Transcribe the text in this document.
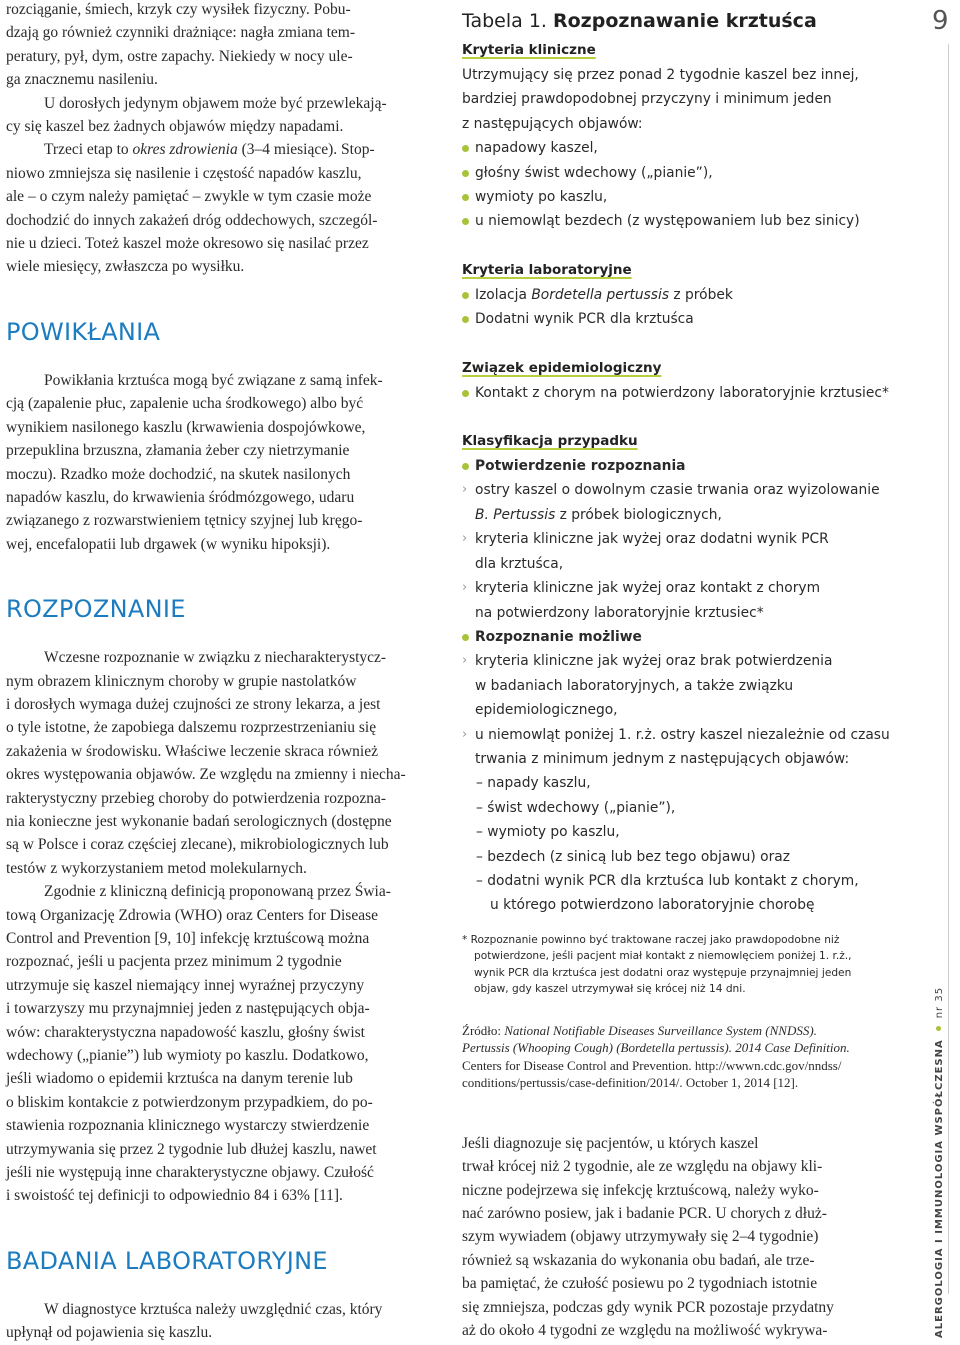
rozciąganie, śmiech, krzyk czy wysiłek fizyczny. Pobu-

dzają go również czynniki drażniące: nagła zmiana tem-

peratury, pył, dym, ostre zapachy. Niekiedy w nocy ule-

ga znacznemu nasileniu.

U dorosłych jedynym objawem może być przewlekają-

cy się kaszel bez żadnych objawów między napadami.

Trzeci etap to okres zdrowienia (3–4 miesiące). Stop-

niowo zmniejsza się nasilenie i częstość napadów kaszlu,

ale – o czym należy pamiętać – zwykle w tym czasie może

dochodzić do innych zakażeń dróg oddechowych, szczegól-

nie u dzieci. Toteż kaszel może okresowo się nasilać przez

wiele miesięcy, zwłaszcza po wysiłku.

POWIKŁANIA

Powikłania krztuśca mogą być związane z samą infek-

cją (zapalenie płuc, zapalenie ucha środkowego) albo być

wynikiem nasilonego kaszlu (krwawienia dospojówkowe,

przepuklina brzuszna, złamania żeber czy nietrzymanie

moczu). Rzadko może dochodzić, na skutek nasilonych

napadów kaszlu, do krwawienia śródmózgowego, udaru

związanego z rozwarstwieniem tętnicy szyjnej lub kręgo-

wej, encefalopatii lub drgawek (w wyniku hipoksji).

ROZPOZNANIE

Wczesne rozpoznanie w związku z niecharakterystycz-

nym obrazem klinicznym choroby w grupie nastolatków

i dorosłych wymaga dużej czujności ze strony lekarza, a jest

o tyle istotne, że zapobiega dalszemu rozprzestrzenianiu się

zakażenia w środowisku. Właściwe leczenie skraca również

okres występowania objawów. Ze względu na zmienny i niecha-

rakterystyczny przebieg choroby do potwierdzenia rozpozna-

nia konieczne jest wykonanie badań serologicznych (dostępne

są w Polsce i coraz częściej zlecane), mikrobiologicznych lub

testów z wykorzystaniem metod molekularnych.

Zgodnie z kliniczną definicją proponowaną przez Świa-

tową Organizację Zdrowia (WHO) oraz Centers for Disease

Control and Prevention [9, 10] infekcję krztuścową można

rozpoznać, jeśli u pacjenta przez minimum 2 tygodnie

utrzymuje się kaszel niemający innej wyraźnej przyczyny

i towarzyszy mu przynajmniej jeden z następujących obja-

wów: charakterystyczna napadowość kaszlu, głośny świst

wdechowy („pianie”) lub wymioty po kaszlu. Dodatkowo,

jeśli wiadomo o epidemii krztuśca na danym terenie lub

o bliskim kontakcie z potwierdzonym przypadkiem, do po-

stawienia rozpoznania klinicznego wystarczy stwierdzenie

utrzymywania się przez 2 tygodnie lub dłużej kaszlu, nawet

jeśli nie występują inne charakterystyczne objawy. Czułość

i swoistość tej definicji to odpowiednio 84 i 63% [11].

BADANIA LABORATORYJNE

W diagnostyce krztuśca należy uwzględnić czas, który

upłynął od pojawienia się kaszlu.

Tabela 1. Rozpoznawanie krztuśca

Kryteria kliniczne

Utrzymujący się przez ponad 2 tygodnie kaszel bez innej,

bardziej prawdopodobnej przyczyny i minimum jeden

z następujących objawów:

napadowy kaszel,

głośny świst wdechowy („pianie”),

wymioty po kaszlu,

u niemowląt bezdech (z występowaniem lub bez sinicy)

Kryteria laboratoryjne

Izolacja Bordetella pertussis z próbek

Dodatni wynik PCR dla krztuśca

Związek epidemiologiczny

Kontakt z chorym na potwierdzony laboratoryjnie krztusiec*

Klasyfikacja przypadku

Potwierdzenie rozpoznania

› ostry kaszel o dowolnym czasie trwania oraz wyizolowanie

B. Pertussis z próbek biologicznych,

› kryteria kliniczne jak wyżej oraz dodatni wynik PCR

dla krztuśca,

› kryteria kliniczne jak wyżej oraz kontakt z chorym

na potwierdzony laboratoryjnie krztusiec*

Rozpoznanie możliwe

› kryteria kliniczne jak wyżej oraz brak potwierdzenia

w badaniach laboratoryjnych, a także związku

epidemiologicznego,

› u niemowląt poniżej 1. r.ż. ostry kaszel niezależnie od czasu

trwania z minimum jednym z następujących objawów:

– napady kaszlu,

– świst wdechowy („pianie”),

– wymioty po kaszlu,

– bezdech (z sinicą lub bez tego objawu) oraz

– dodatni wynik PCR dla krztuśca lub kontakt z chorym,

u którego potwierdzono laboratoryjnie chorobę

* Rozpoznanie powinno być traktowane raczej jako prawdopodobne niż

potwierdzone, jeśli pacjent miał kontakt z niemowlęciem poniżej 1. r.ż.,

wynik PCR dla krztuśca jest dodatni oraz występuje przynajmniej jeden

objaw, gdy kaszel utrzymywał się krócej niż 14 dni.

Źródło: National Notifiable Diseases Surveillance System (NNDSS).

Pertussis (Whooping Cough) (Bordetella pertussis). 2014 Case Definition.

Centers for Disease Control and Prevention. http://wwwn.cdc.gov/nndss/

conditions/pertussis/case-definition/2014/. October 1, 2014 [12].

Jeśli diagnozuje się pacjentów, u których kaszel

trwał krócej niż 2 tygodnie, ale ze względu na objawy kli-

niczne podejrzewa się infekcję krztuścową, należy wyko-

nać zarówno posiew, jak i badanie PCR. U chorych z dłuż-

szym wywiadem (objawy utrzymywały się 2–4 tygodnie)

również są wskazania do wykonania obu badań, ale trze-

ba pamiętać, że czułość posiewu po 2 tygodniach istotnie

się zmniejsza, podczas gdy wynik PCR pozostaje przydatny

aż do około 4 tygodni ze względu na możliwość wykrywa-

9
ALERGOLOGIA I IMMUNOLOGIA WSPÓŁCZESNAnr 35
